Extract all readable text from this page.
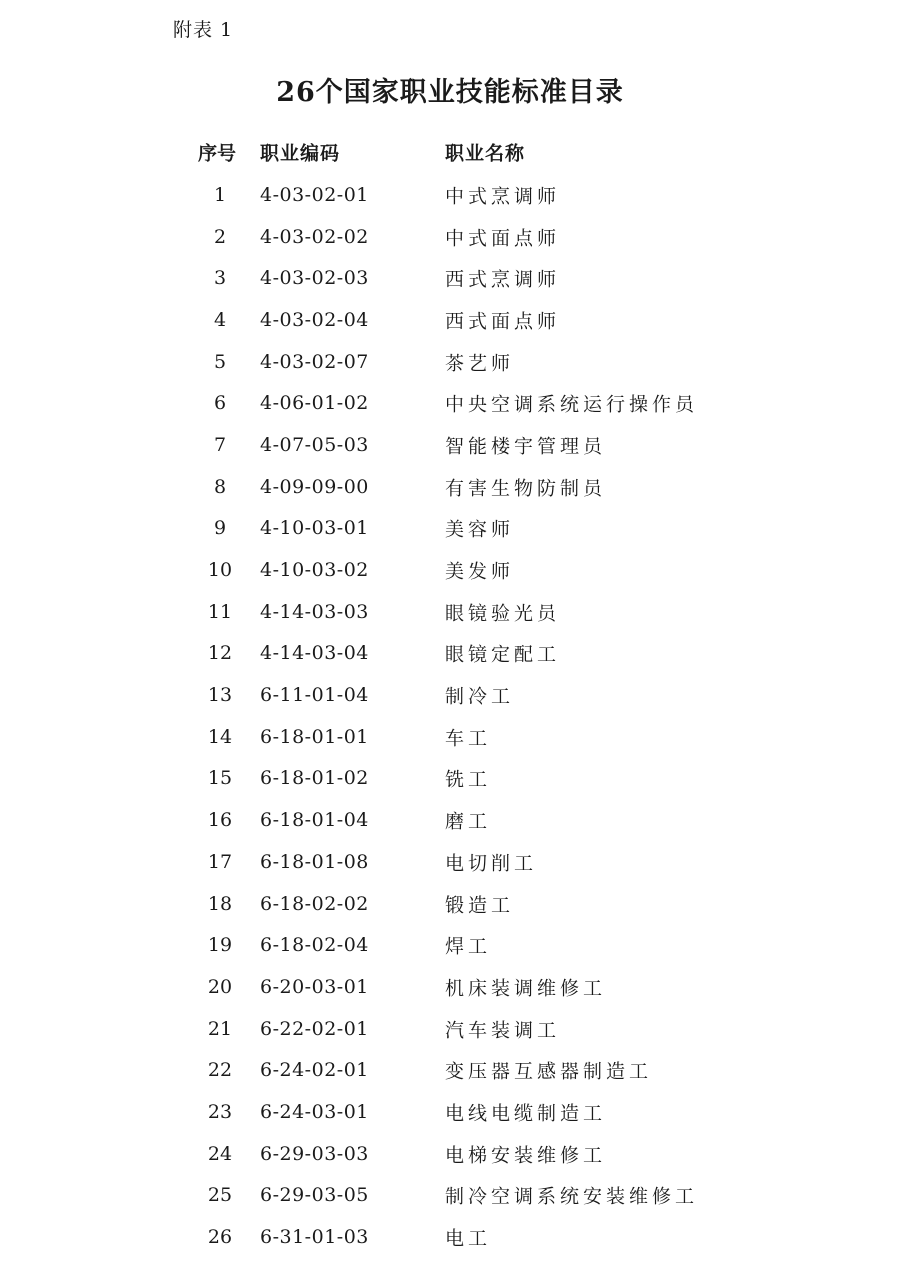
附表 1
26个国家职业技能标准目录
序号 职业编码	职业名称
1	4-03-02-01	中式烹调师
2	4-03-02-02	中式面点师
3	4-03-02-03	西式烹调师
4	4-03-02-04	西式面点师
5	4-03-02-07	茶艺师
6	4-06-01-02	中央空调系统运行操作员
7	4-07-05-03	智能楼宇管理员
8	4-09-09-00	有害生物防制员
9	4-10-03-01	美容师
10	4-10-03-02	美发师
11	4-14-03-03	眼镜验光员
12	4-14-03-04	眼镜定配工
13	6-11-01-04	制冷工
14	6-18-01-01	车工
15	6-18-01-02	铣工
16	6-18-01-04	磨工
17	6-18-01-08	电切削工
18	6-18-02-02	锻造工
19	6-18-02-04	焊工
20	6-20-03-01	机床装调维修工
21	6-22-02-01	汽车装调工
22	6-24-02-01	变压器互感器制造工
23	6-24-03-01	电线电缆制造工
24	6-29-03-03	电梯安装维修工
25	6-29-03-05	制冷空调系统安装维修工
26	6-31-01-03	电工
